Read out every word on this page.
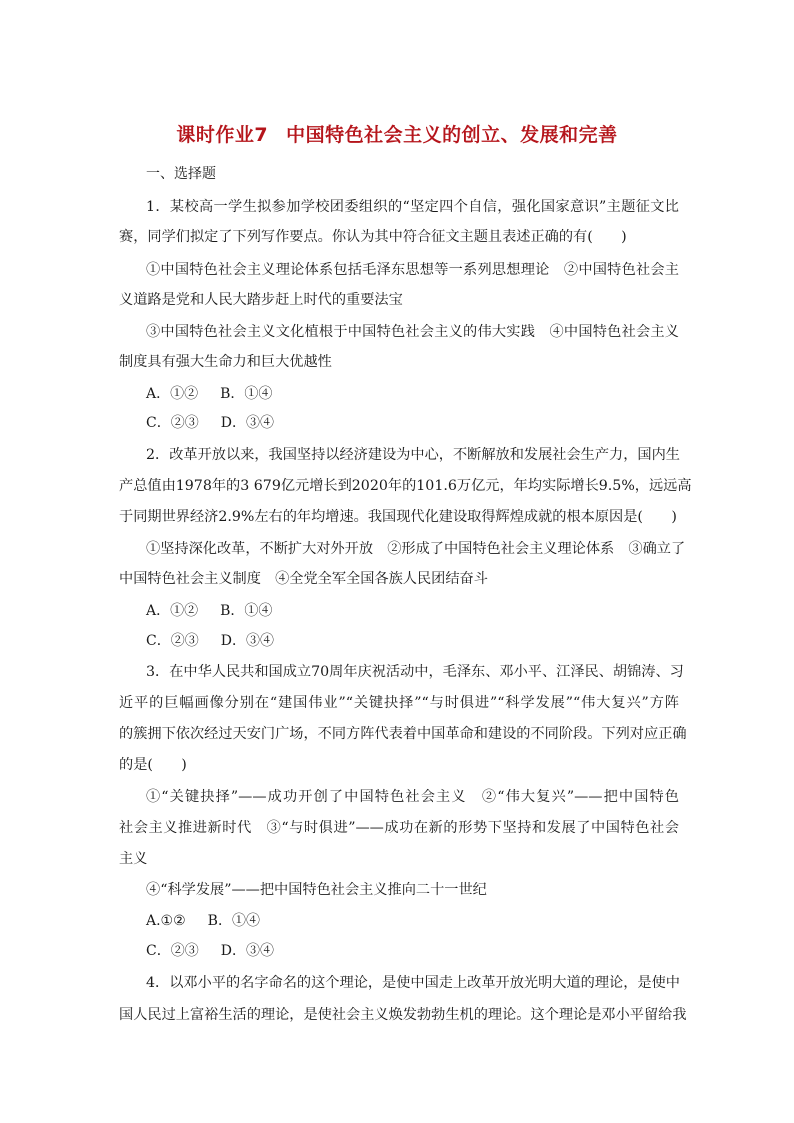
课时作业7 中国特色社会主义的创立、发展和完善
一、选择题
1．某校高一学生拟参加学校团委组织的“坚定四个自信，强化国家意识”主题征文比
赛，同学们拟定了下列写作要点。你认为其中符合征文主题且表述正确的有(　　)
①中国特色社会主义理论体系包括毛泽东思想等一系列思想理论　②中国特色社会主
义道路是党和人民大踏步赶上时代的重要法宝
③中国特色社会主义文化植根于中国特色社会主义的伟大实践　④中国特色社会主义
制度具有强大生命力和巨大优越性
A．①② B．①④
C．②③ D．③④
2．改革开放以来，我国坚持以经济建设为中心，不断解放和发展社会生产力，国内生
产总值由1978年的3 679亿元增长到2020年的101.6万亿元，年均实际增长9.5%，远远高
于同期世界经济2.9%左右的年均增速。我国现代化建设取得辉煌成就的根本原因是(　　)
①坚持深化改革，不断扩大对外开放　②形成了中国特色社会主义理论体系　③确立了
中国特色社会主义制度　④全党全军全国各族人民团结奋斗
A．①② B．①④
C．②③ D．③④
3．在中华人民共和国成立70周年庆祝活动中，毛泽东、邓小平、江泽民、胡锦涛、习
近平的巨幅画像分别在“建国伟业”“关键抉择”“与时俱进”“科学发展”“伟大复兴”方阵
的簇拥下依次经过天安门广场，不同方阵代表着中国革命和建设的不同阶段。下列对应正确
的是(　　)
①“关键抉择”——成功开创了中国特色社会主义　②“伟大复兴”——把中国特色
社会主义推进新时代　③“与时俱进”——成功在新的形势下坚持和发展了中国特色社会
主义
④“科学发展”——把中国特色社会主义推向二十一世纪
A.①② B．①④
C．②③ D．③④
4．以邓小平的名字命名的这个理论，是使中国走上改革开放光明大道的理论，是使中
国人民过上富裕生活的理论，是使社会主义焕发勃勃生机的理论。这个理论是邓小平留给我
